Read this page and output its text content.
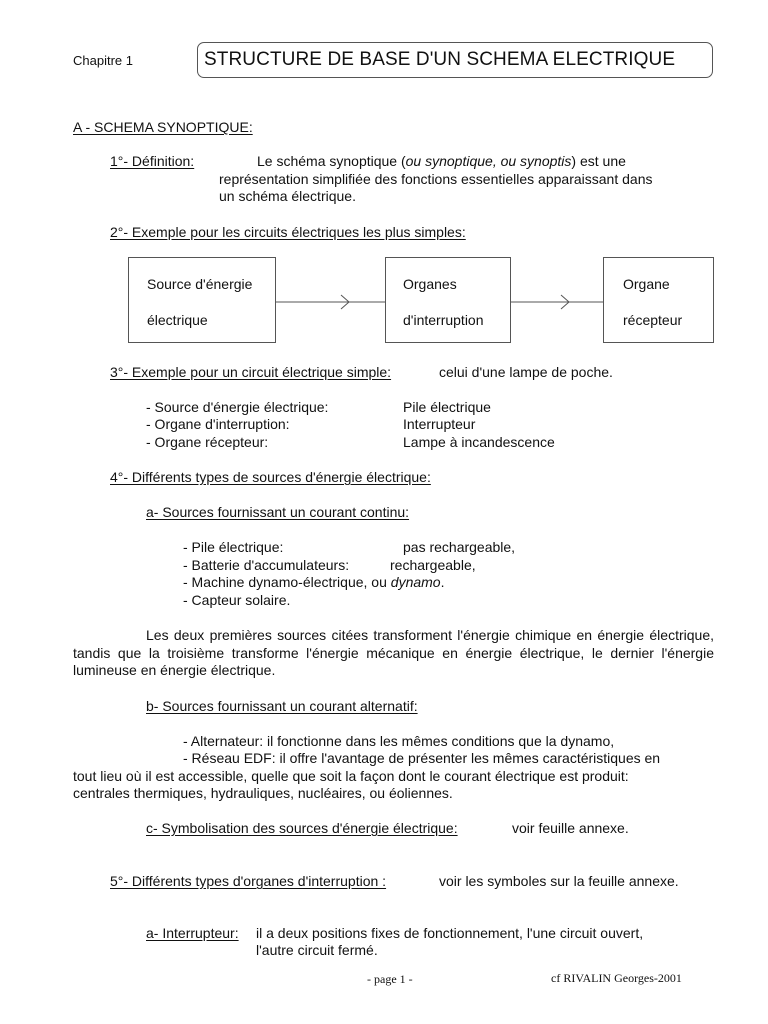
Chapitre 1	STRUCTURE DE BASE D'UN SCHEMA ELECTRIQUE
A - SCHEMA SYNOPTIQUE:
1°- Définition:	Le schéma synoptique (ou synoptique, ou synoptis) est une
représentation simplifiée des fonctions essentielles apparaissant dans
un schéma électrique.
2°- Exemple pour les circuits électriques les plus simples:
Source d'énergie
électrique
Organes
d'interruption
Organe
récepteur
3°- Exemple pour un circuit électrique simple:	celui d'une lampe de poche.
- Source d'énergie électrique:	Pile électrique
- Organe d'interruption:	Interrupteur
- Organe récepteur:	Lampe à incandescence
4°- Différents types de sources d'énergie électrique:
a- Sources fournissant un courant continu:
- Pile électrique:	pas rechargeable,
- Batterie d'accumulateurs:	rechargeable,
- Machine dynamo-électrique, ou dynamo.
- Capteur solaire.
Les deux premières sources citées transforment l'énergie chimique en énergie électrique, tandis que la troisième transforme l'énergie mécanique en énergie électrique, le dernier l'énergie lumineuse en énergie électrique.
b- Sources fournissant un courant alternatif:
- Alternateur: il fonctionne dans les mêmes conditions que la dynamo,
- Réseau EDF: il offre l'avantage de présenter les mêmes caractéristiques en
tout lieu où il est accessible, quelle que soit la façon dont le courant électrique est produit:
centrales thermiques, hydrauliques, nucléaires, ou éoliennes.
c- Symbolisation des sources d'énergie électrique:	voir feuille annexe.
5°- Différents types d'organes d'interruption :	voir les symboles sur la feuille annexe.
a- Interrupteur: il a deux positions fixes de fonctionnement, l'une circuit ouvert,
l'autre circuit fermé.
- page 1 -	cf RIVALIN Georges-2001
